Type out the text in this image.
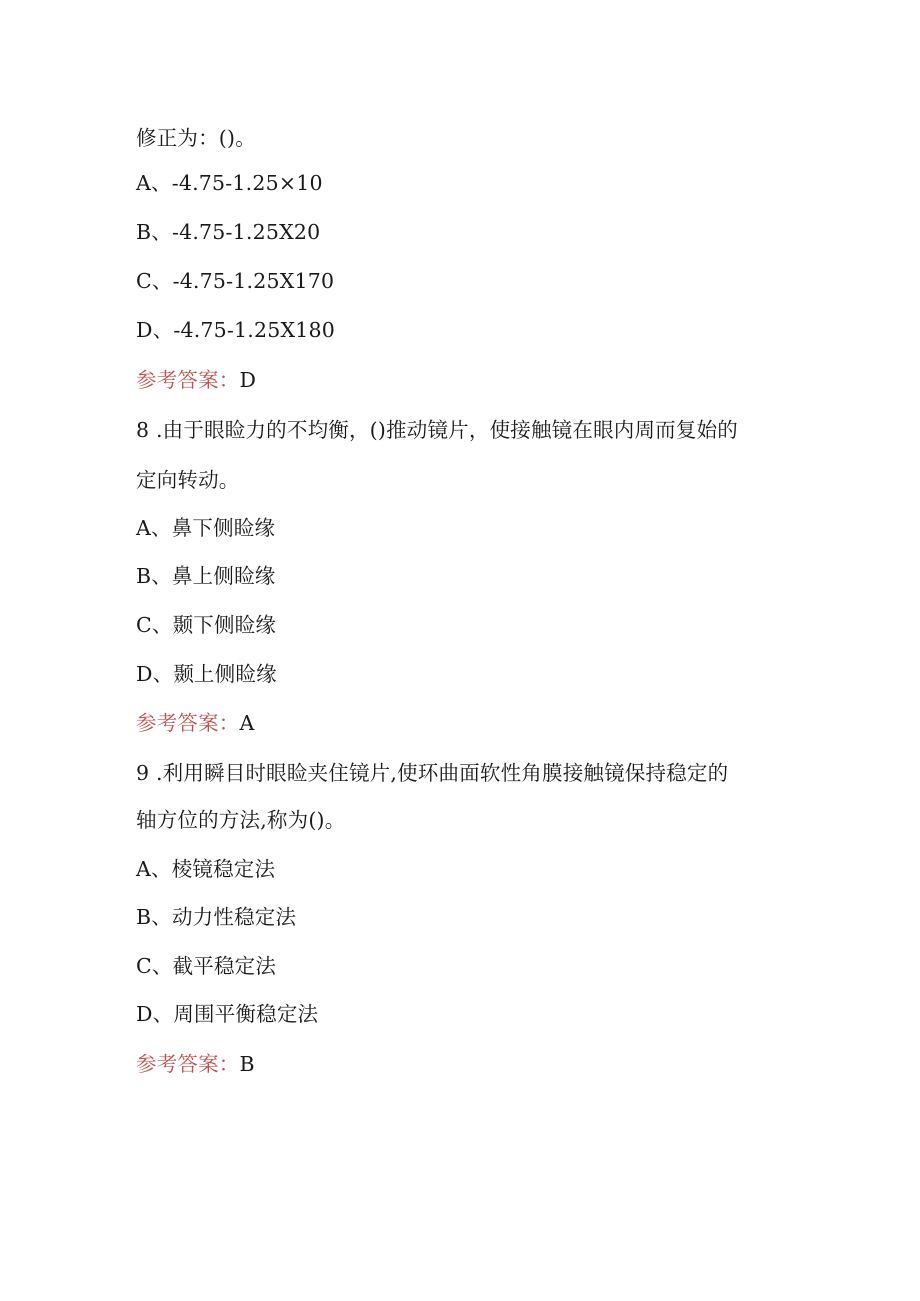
修正为：()。
A、-4.75-1.25×10
B、-4.75-1.25X20
C、-4.75-1.25X170
D、-4.75-1.25X180
参考答案：D
8 .由于眼睑力的不均衡，()推动镜片，使接触镜在眼内周而复始的
定向转动。
A、鼻下侧睑缘
B、鼻上侧睑缘
C、颞下侧睑缘
D、颞上侧睑缘
参考答案：A
9 .利用瞬目时眼睑夹住镜片,使环曲面软性角膜接触镜保持稳定的
轴方位的方法,称为()。
A、棱镜稳定法
B、动力性稳定法
C、截平稳定法
D、周围平衡稳定法
参考答案：B
